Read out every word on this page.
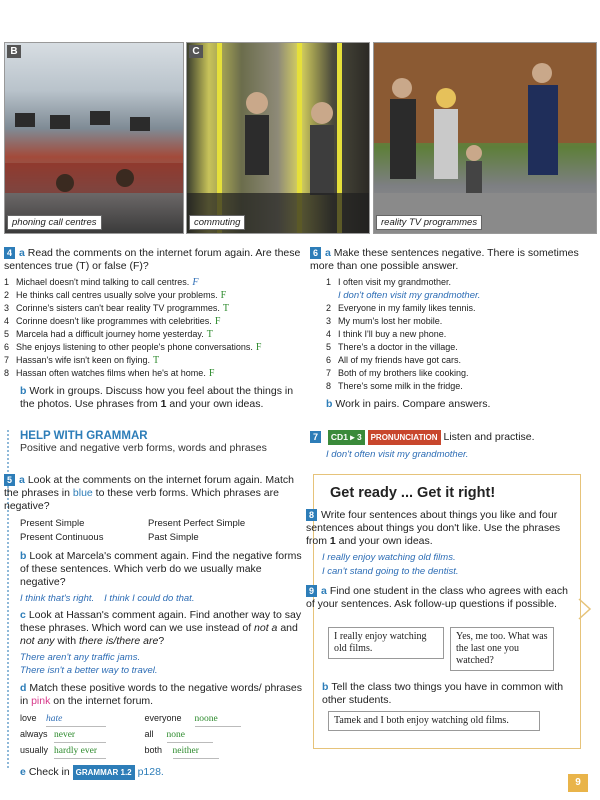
B
phoning call centres
C
commuting	reality TV programmes
4 a Read the comments on the internet forum again. Are these sentences true (T) or false (F)?
1 Michael doesn't mind talking to call centres. F
2 He thinks call centres usually solve your problems. F
3 Corinne's sisters can't bear reality TV programmes. T
4 Corinne doesn't like programmes with celebrities. F
5 Marcela had a difficult journey home yesterday. T
6 She enjoys listening to other people's phone conversations. F
7 Hassan's wife isn't keen on flying. T
8 Hassan often watches films when he's at home. F
b Work in groups. Discuss how you feel about the things in the photos. Use phrases from 1 and your own ideas.
HELP WITH GRAMMAR
Positive and negative verb forms, words and phrases
5 a Look at the comments on the internet forum again. Match the phrases in blue to these verb forms. Which phrases are negative?
Present Simple	Present Perfect Simple
Present Continuous	Past Simple
b Look at Marcela's comment again. Find the negative forms of these sentences. Which verb do we usually make negative?
I think that's right. I think I could do that.
c Look at Hassan's comment again. Find another way to say these phrases. Which word can we use instead of not a and not any with there is/there are?
There aren't any traffic jams.
There isn't a better way to travel.
d Match these positive words to the negative words/ phrases in pink on the internet forum.
love hate	everyone noone
always never	all none
usually hardly ever	both neither
e Check in GRAMMAR 1.2 p128.
6 a Make these sentences negative. There is sometimes more than one possible answer.
1 I often visit my grandmother.
I don't often visit my grandmother.
2 Everyone in my family likes tennis.
3 My mum's lost her mobile.
4 I think I'll buy a new phone.
5 There's a doctor in the village.
6 All of my friends have got cars.
7 Both of my brothers like cooking.
8 There's some milk in the fridge.
b Work in pairs. Compare answers.
7 CD1 ▸ 3 PRONUNCIATION Listen and practise.
I don't often visit my grandmother.
Get ready ... Get it right!
8 Write four sentences about things you like and four sentences about things you don't like. Use the phrases from 1 and your own ideas.
I really enjoy watching old films.
I can't stand going to the dentist.
9 a Find one student in the class who agrees with each of your sentences. Ask follow-up questions if possible.
I really enjoy watching old films.
Yes, me too. What was the last one you watched?
b Tell the class two things you have in common with other students.
Tamek and I both enjoy watching old films.
9
